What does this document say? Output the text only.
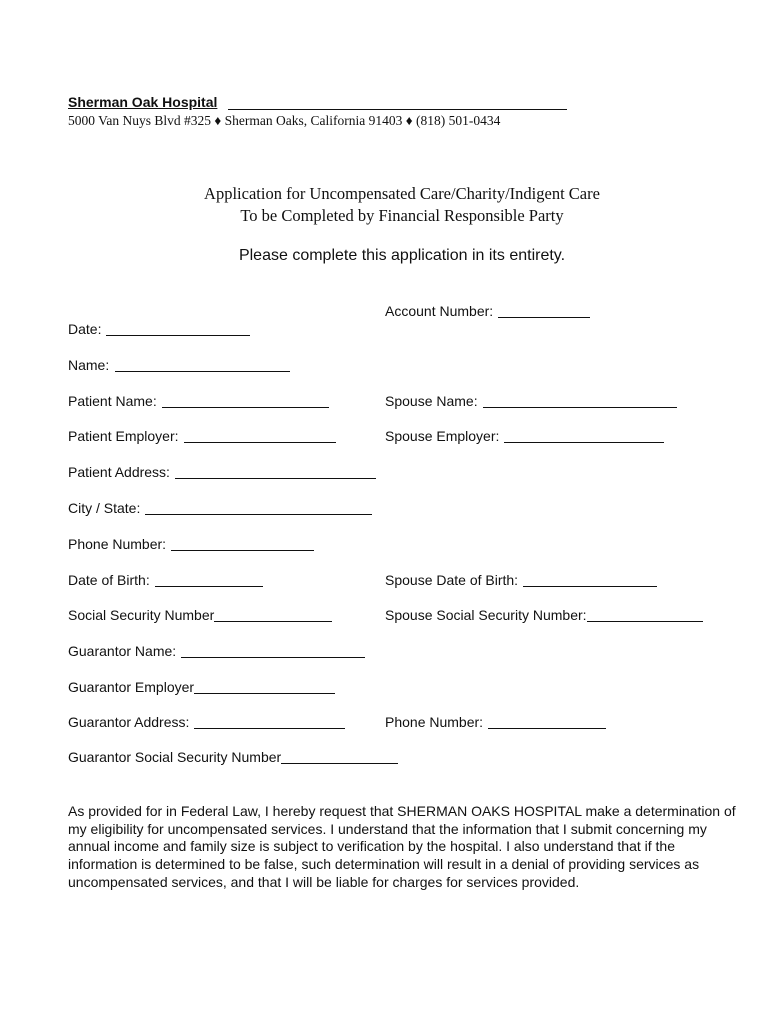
Sherman Oak Hospital
5000 Van Nuys Blvd #325 ♦ Sherman Oaks, California 91403 ♦ (818) 501-0434
Application for Uncompensated Care/Charity/Indigent Care
To be Completed by Financial Responsible Party
Please complete this application in its entirety.
Account Number:
Date:
Name:
Patient Name:	Spouse Name:
Patient Employer:	Spouse Employer:
Patient Address:
City / State:
Phone Number:
Date of Birth:	Spouse Date of Birth:
Social Security Number	Spouse Social Security Number:
Guarantor Name:
Guarantor Employer
Guarantor Address:	Phone Number:
Guarantor Social Security Number
As provided for in Federal Law, I hereby request that SHERMAN OAKS HOSPITAL make a determination of my eligibility for uncompensated services. I understand that the information that I submit concerning my annual income and family size is subject to verification by the hospital. I also understand that if the information is determined to be false, such determination will result in a denial of providing services as uncompensated services, and that I will be liable for charges for services provided.
